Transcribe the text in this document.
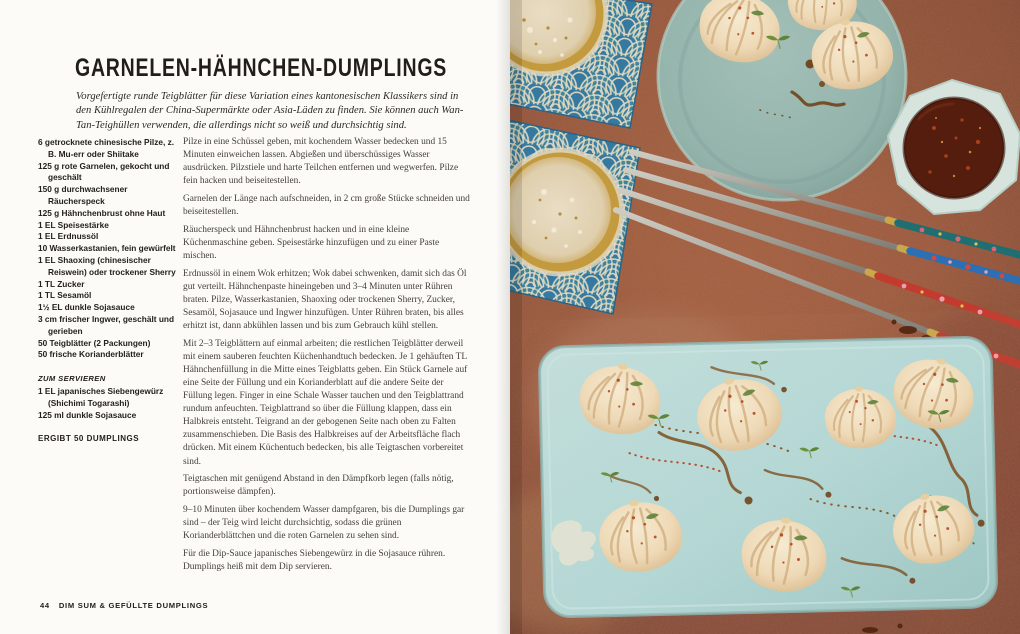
GARNELEN-HÄHNCHEN-DUMPLINGS

Vorgefertigte runde Teigblätter für diese Variation eines kantonesischen Klassikers sind in den Kühlregalen der China-Supermärkte oder Asia-Läden zu finden. Sie können auch Wan-Tan-Teighüllen verwenden, die allerdings nicht so weiß und durchsichtig sind.

6 getrocknete chinesische Pilze, z. B. Mu-err oder Shiitake
125 g rote Garnelen, gekocht und geschält
150 g durchwachsener Räucherspeck
125 g Hähnchenbrust ohne Haut
1 EL Speisestärke
1 EL Erdnussöl
10 Wasserkastanien, fein gewürfelt
1 EL Shaoxing (chinesischer Reiswein) oder trockener Sherry
1 TL Zucker
1 TL Sesamöl
1½ EL dunkle Sojasauce
3 cm frischer Ingwer, geschält und gerieben
50 Teigblätter (2 Packungen)
50 frische Korianderblätter
ZUM SERVIEREN
1 EL japanisches Siebengewürz (Shichimi Togarashi)
125 ml dunkle Sojasauce
ERGIBT 50 DUMPLINGS

Pilze in eine Schüssel geben, mit kochendem Wasser bedecken und 15 Minuten einweichen lassen. Abgießen und überschüssiges Wasser ausdrücken. Pilzstiele und harte Teilchen entfernen und wegwerfen. Pilze fein hacken und beiseitestellen.

Garnelen der Länge nach aufschneiden, in 2 cm große Stücke schneiden und beiseitestellen.

Räucherspeck und Hähnchenbrust hacken und in eine kleine Küchenmaschine geben. Speisestärke hinzufügen und zu einer Paste mischen.

Erdnussöl in einem Wok erhitzen; Wok dabei schwenken, damit sich das Öl gut verteilt. Hähnchenpaste hineingeben und 3–4 Minuten unter Rühren braten. Pilze, Wasserkastanien, Shaoxing oder trockenen Sherry, Zucker, Sesamöl, Sojasauce und Ingwer hinzufügen. Unter Rühren braten, bis alles erhitzt ist, dann abkühlen lassen und bis zum Gebrauch kühl stellen.

Mit 2–3 Teigblättern auf einmal arbeiten; die restlichen Teigblätter derweil mit einem sauberen feuchten Küchenhandtuch bedecken. Je 1 gehäuften TL Hähnchenfüllung in die Mitte eines Teigblatts geben. Ein Stück Garnele auf eine Seite der Füllung und ein Korianderblatt auf die andere Seite der Füllung legen. Finger in eine Schale Wasser tauchen und den Teigblattrand rundum anfeuchten. Teigblattrand so über die Füllung klappen, dass ein Halbkreis entsteht. Teigrand an der gebogenen Seite nach oben zu Falten zusammenschieben. Die Basis des Halbkreises auf der Arbeitsfläche flach drücken. Mit einem Küchentuch bedecken, bis alle Teigtaschen vorbereitet sind.

Teigtaschen mit genügend Abstand in den Dämpfkorb legen (falls nötig, portionsweise dämpfen).

9–10 Minuten über kochendem Wasser dampfgaren, bis die Dumplings gar sind – der Teig wird leicht durchsichtig, sodass die grünen Korianderblättchen und die roten Garnelen zu sehen sind.

Für die Dip-Sauce japanisches Siebengewürz in die Sojasauce rühren. Dumplings heiß mit dem Dip servieren.

44 DIM SUM & GEFÜLLTE DUMPLINGS
